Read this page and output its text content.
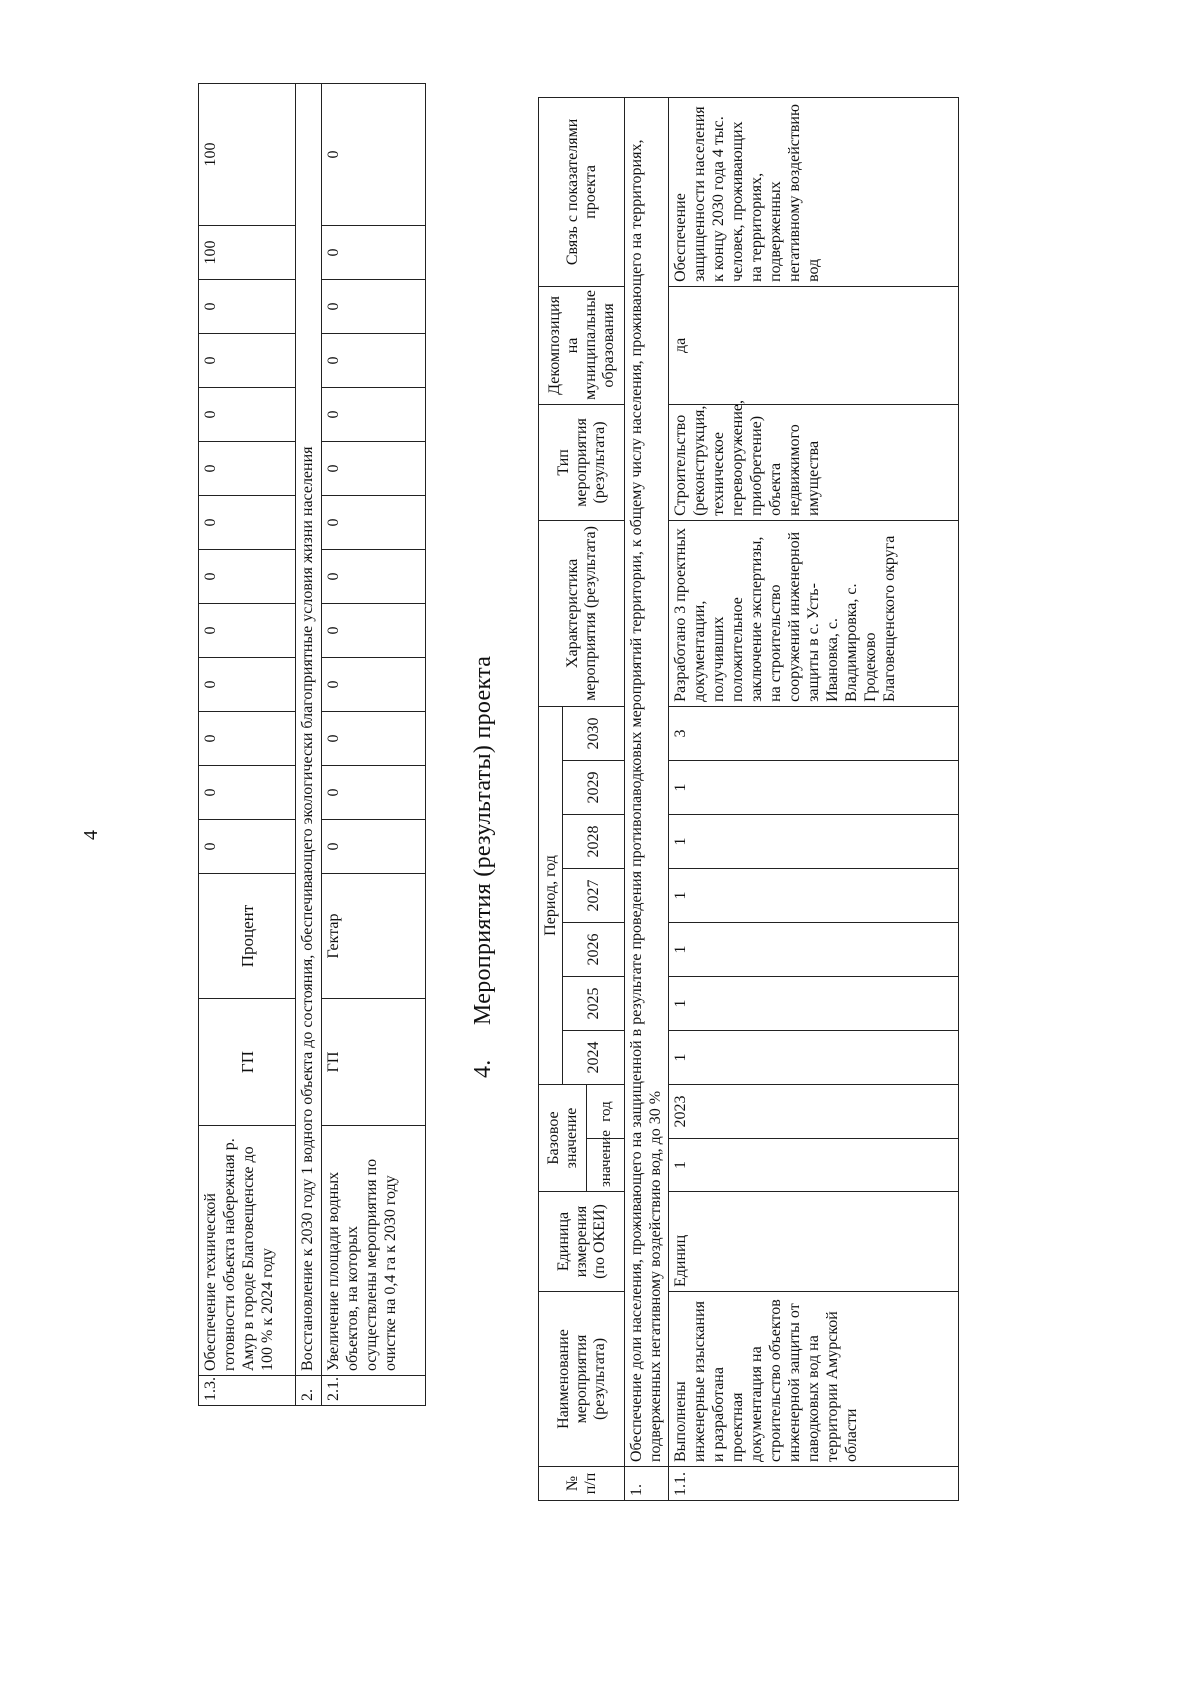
4
1.3.	Обеспечение технической готовности объекта набережная р. Амур в городе Благовещенске до 100 % к 2024 году	ГП	Процент	0	0	0	0	0	0	0	0	0	0	0	100	100
2.	Восстановление к 2030 году 1 водного объекта до состояния, обеспечивающего экологически благоприятные условия жизни населения															
2.1.	Увеличение площади водных объектов, на которых осуществлены мероприятия по очистке на 0,4 га к 2030 году	ГП	Гектар	0	0	0	0	0	0	0	0	0	0	0	0	0
4. Мероприятия (результаты) проекта
№ п/п	Наименование мероприятия (результата)	Единица измерения (по ОКЕИ)	Базовое значение		Период, год							Характеристика мероприятия (результата)	Тип мероприятия (результата)	Декомпозиция на муниципальные образования	Связь с показателями проекта
					2024	2025	2026	2027	2028	2029	2030				
			значение	год											
1.	Обеспечение доли населения, проживающего на защищенной в результате проведения противопаводковых мероприятий территории, к общему числу населения, проживающего на территориях, подверженных негативному воздействию вод, до 30 %														
1.1.	Выполнены инженерные изыскания и разработана проектная документация на строительство объектов инженерной защиты от паводковых вод на территории Амурской области	Единиц	1	2023	1	1	1	1	1	1	3	Разработано 3 проектных документации, получивших положительное заключение экспертизы, на строительство сооружений инженерной защиты в с. Усть-Ивановка, с. Владимировка, с. Гродеково Благовещенского округа	Строительство (реконструкция, техническое перевооружение, приобретение) объекта недвижимого имущества	да	Обеспечение защищенности населения к концу 2030 года 4 тыс. человек, проживающих на территориях, подверженных негативному воздействию вод
